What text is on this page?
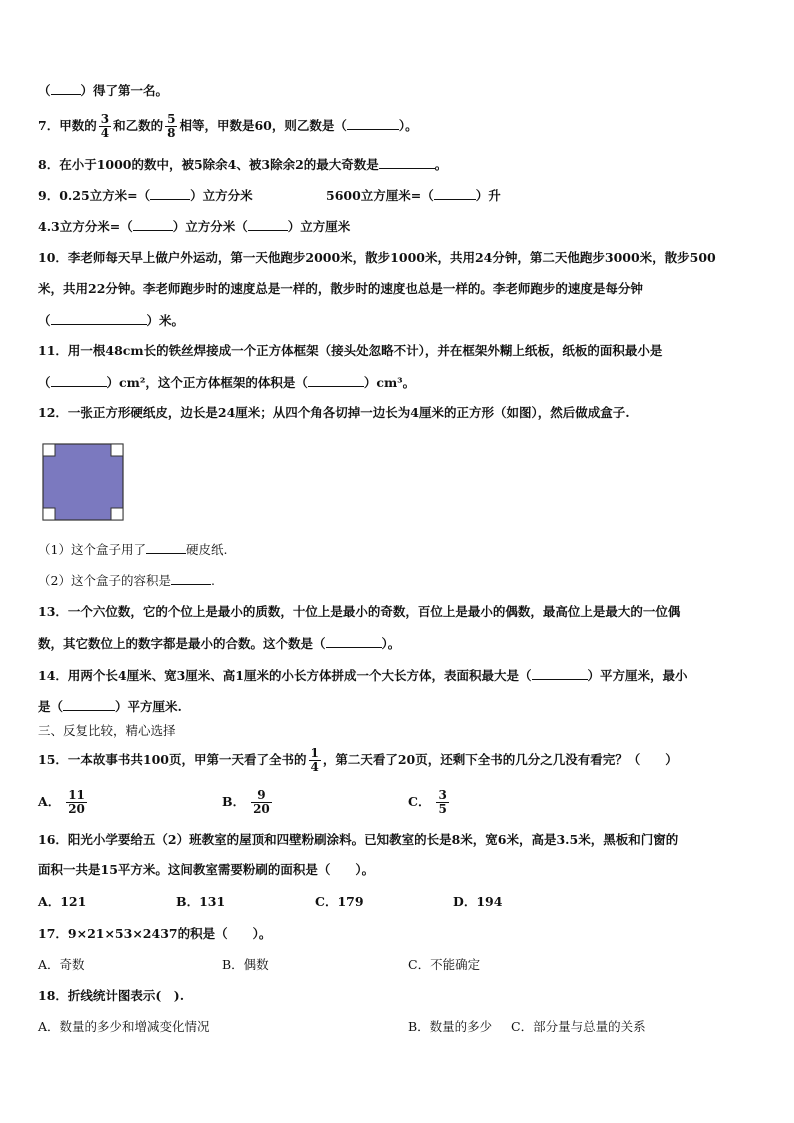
（ ）得了第一名。
7．甲数的 $\frac{3}{4}$ 和乙数的 $\frac{5}{8}$ 相等，甲数是60，则乙数是（	）。
8．在小于1000的数中，被5除余4、被3除余2的最大奇数是	。
9．0.25立方米=（	）立方分米	5600立方厘米=（	）升
4.3立方分米=（	）立方分米（	）立方厘米
10．李老师每天早上做户外运动，第一天他跑步2000米，散步1000米，共用24分钟，第二天他跑步3000米，散步500
米，共用22分钟。李老师跑步时的速度总是一样的，散步时的速度也总是一样的。李老师跑步的速度是每分钟
（	）米。
11．用一根48cm长的铁丝焊接成一个正方体框架（接头处忽略不计），并在框架外糊上纸板，纸板的面积最小是
（	）cm²，这个正方体框架的体积是（	）cm³。
12．一张正方形硬纸皮，边长是24厘米；从四个角各切掉一边长为4厘米的正方形（如图），然后做成盒子.
（1）这个盒子用了	硬皮纸.
（2）这个盒子的容积是	.
13．一个六位数，它的个位上是最小的质数，十位上是最小的奇数，百位上是最小的偶数，最高位上是最大的一位偶
数，其它数位上的数字都是最小的合数。这个数是（	）。
14．用两个长4厘米、宽3厘米、高1厘米的小长方体拼成一个大长方体，表面积最大是（	）平方厘米，最小
是（	）平方厘米.
三、反复比较，精心选择
15．一本故事书共100页，甲第一天看了全书的 $\frac{1}{4}$ ，第二天看了20页，还剩下全书的几分之几没有看完？（　　）
A． $\frac{11}{20}$	B． $\frac{9}{20}$	C． $\frac{3}{5}$
16．阳光小学要给五（2）班教室的屋顶和四壁粉刷涂料。已知教室的长是8米，宽6米，高是3.5米，黑板和门窗的
面积一共是15平方米。这间教室需要粉刷的面积是（　　）。
A．121	B．131	C．179	D．194
17．9×21×53×2437的积是（　　）。
A．奇数	B．偶数	C．不能确定
18．折线统计图表示(　).
A．数量的多少和增减变化情况	B．数量的多少 C．部分量与总量的关系
